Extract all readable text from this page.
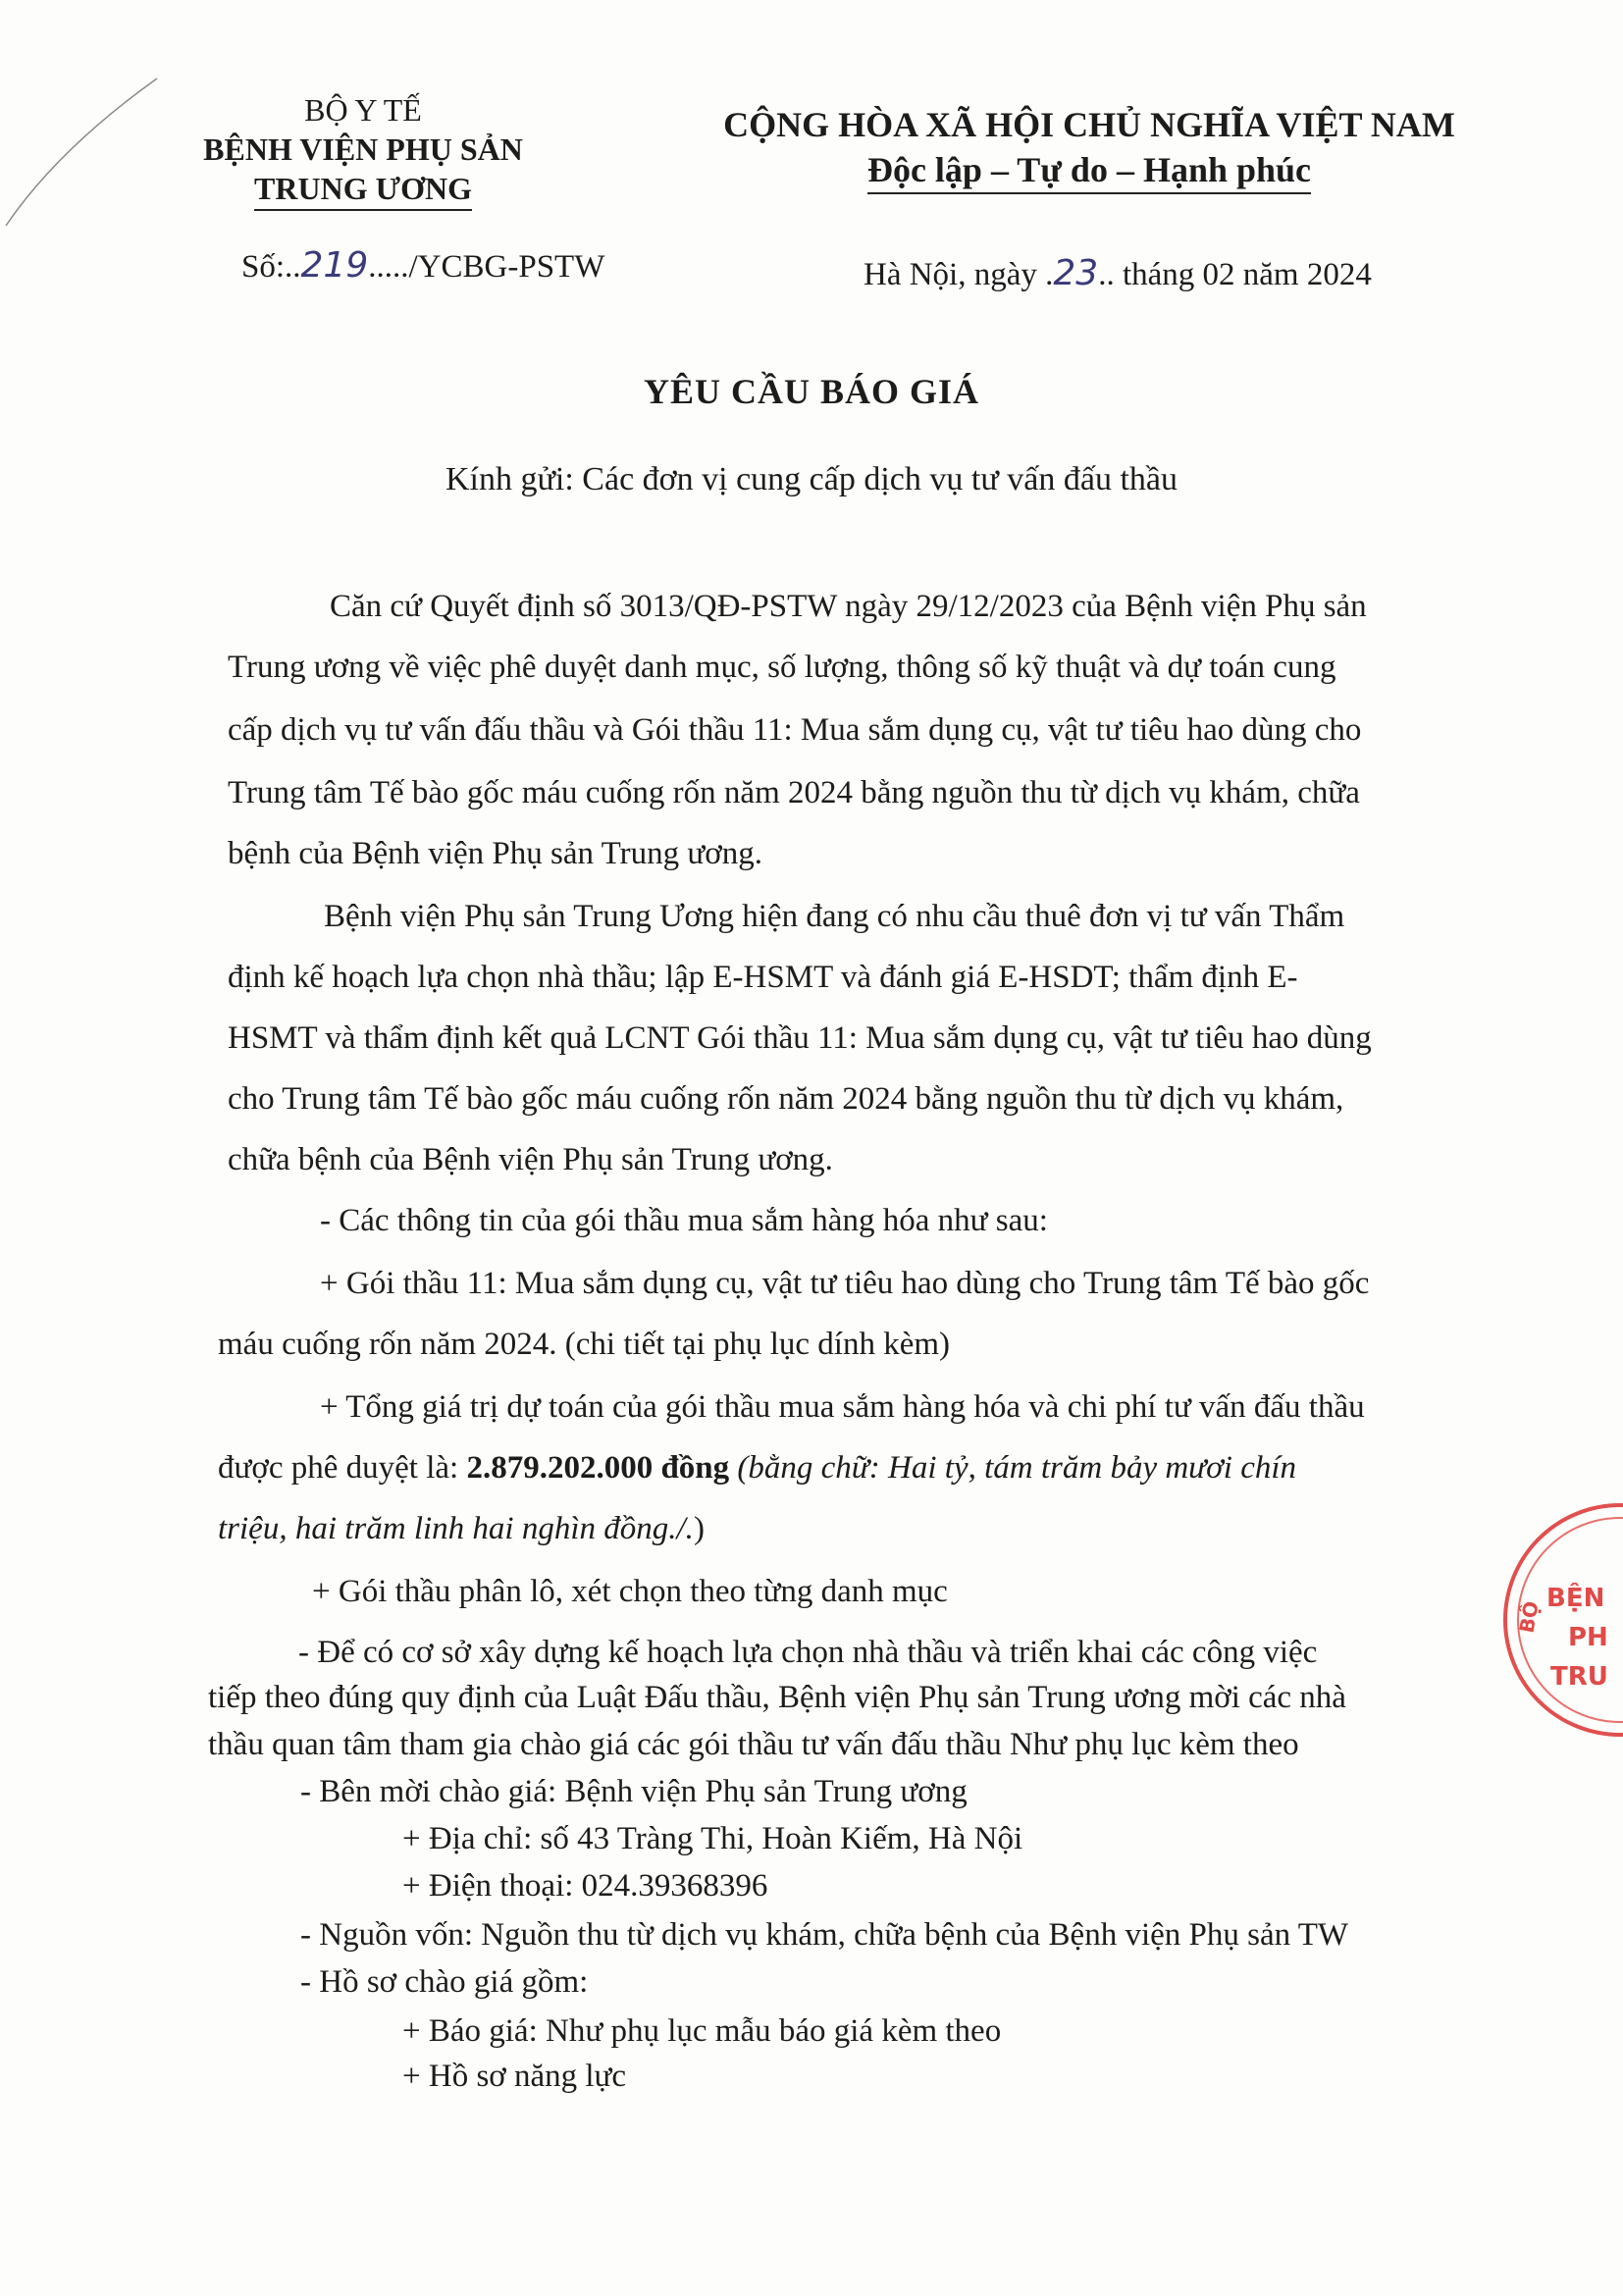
BỘ Y TẾ
BỆNH VIỆN PHỤ SẢN
TRUNG ƯƠNG
CỘNG HÒA XÃ HỘI CHỦ NGHĨA VIỆT NAM
Độc lập – Tự do – Hạnh phúc
Số:..219...../YCBG-PSTW	Hà Nội, ngày .23.. tháng 02 năm 2024
YÊU CẦU BÁO GIÁ
Kính gửi: Các đơn vị cung cấp dịch vụ tư vấn đấu thầu
Căn cứ Quyết định số 3013/QĐ-PSTW ngày 29/12/2023 của Bệnh viện Phụ sản
Trung ương về việc phê duyệt danh mục, số lượng, thông số kỹ thuật và dự toán cung
cấp dịch vụ tư vấn đấu thầu và Gói thầu 11: Mua sắm dụng cụ, vật tư tiêu hao dùng cho
Trung tâm Tế bào gốc máu cuống rốn năm 2024 bằng nguồn thu từ dịch vụ khám, chữa
bệnh của Bệnh viện Phụ sản Trung ương.
Bệnh viện Phụ sản Trung Ương hiện đang có nhu cầu thuê đơn vị tư vấn Thẩm
định kế hoạch lựa chọn nhà thầu; lập E-HSMT và đánh giá E-HSDT; thẩm định E-
HSMT và thẩm định kết quả LCNT Gói thầu 11: Mua sắm dụng cụ, vật tư tiêu hao dùng
cho Trung tâm Tế bào gốc máu cuống rốn năm 2024 bằng nguồn thu từ dịch vụ khám,
chữa bệnh của Bệnh viện Phụ sản Trung ương.
- Các thông tin của gói thầu mua sắm hàng hóa như sau:
+ Gói thầu 11: Mua sắm dụng cụ, vật tư tiêu hao dùng cho Trung tâm Tế bào gốc
máu cuống rốn năm 2024. (chi tiết tại phụ lục dính kèm)
+ Tổng giá trị dự toán của gói thầu mua sắm hàng hóa và chi phí tư vấn đấu thầu
được phê duyệt là: 2.879.202.000 đồng (bằng chữ: Hai tỷ, tám trăm bảy mươi chín
triệu, hai trăm linh hai nghìn đồng./.)
+ Gói thầu phân lô, xét chọn theo từng danh mục
- Để có cơ sở xây dựng kế hoạch lựa chọn nhà thầu và triển khai các công việc
tiếp theo đúng quy định của Luật Đấu thầu, Bệnh viện Phụ sản Trung ương mời các nhà
thầu quan tâm tham gia chào giá các gói thầu tư vấn đấu thầu Như phụ lục kèm theo
- Bên mời chào giá: Bệnh viện Phụ sản Trung ương
+ Địa chỉ: số 43 Tràng Thi, Hoàn Kiếm, Hà Nội
+ Điện thoại: 024.39368396
- Nguồn vốn: Nguồn thu từ dịch vụ khám, chữa bệnh của Bệnh viện Phụ sản TW
- Hồ sơ chào giá gồm:
+ Báo giá: Như phụ lục mẫu báo giá kèm theo
+ Hồ sơ năng lực
BỆN
PH
TRU
BỘ
